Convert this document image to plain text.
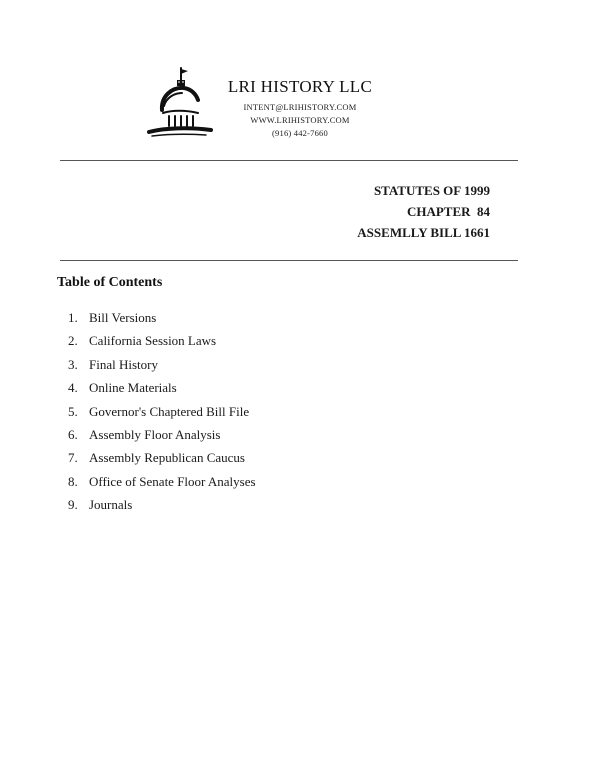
LRI HISTORY LLC
INTENT@LRIHISTORY.COM
WWW.LRIHISTORY.COM
(916) 442-7660
STATUTES OF 1999
CHAPTER  84
ASSEMLLY BILL 1661
Table of Contents
1. Bill Versions
2. California Session Laws
3. Final History
4. Online Materials
5. Governor's Chaptered Bill File
6. Assembly Floor Analysis
7. Assembly Republican Caucus
8. Office of Senate Floor Analyses
9. Journals
